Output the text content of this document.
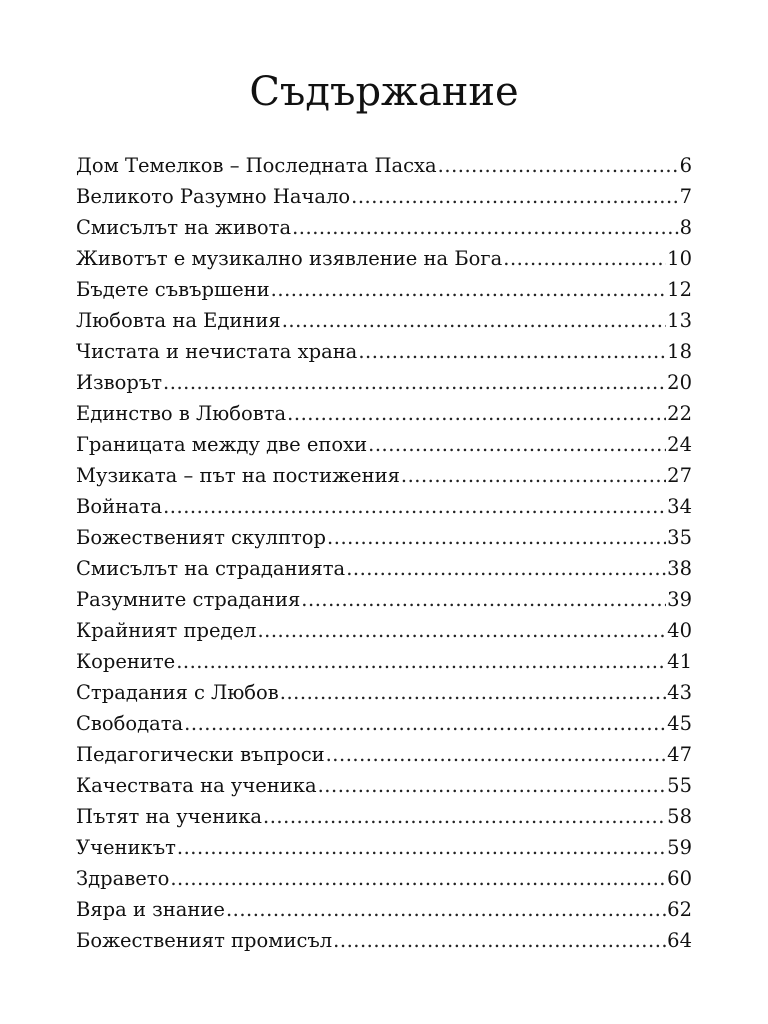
Съдържание
Дом Темелков – Последната Пасха .....	6
Великото Разумно Начало .....	7
Смисълът на живота .....	8
Животът е музикално изявление на Бога .....	10
Бъдете съвършени .....	12
Любовта на Единия .....	13
Чистата и нечистата храна .....	18
Изворът .....	20
Единство в Любовта .....	22
Границата между две епохи .....	24
Музиката – път на постижения .....	27
Войната .....	34
Божественият скулптор .....	35
Смисълът на страданията .....	38
Разумните страдания .....	39
Крайният предел .....	40
Корените .....	41
Страдания с Любов .....	43
Свободата .....	45
Педагогически въпроси .....	47
Качествата на ученика .....	55
Пътят на ученика .....	58
Ученикът .....	59
Здравето .....	60
Вяра и знание .....	62
Божественият промисъл .....	64
